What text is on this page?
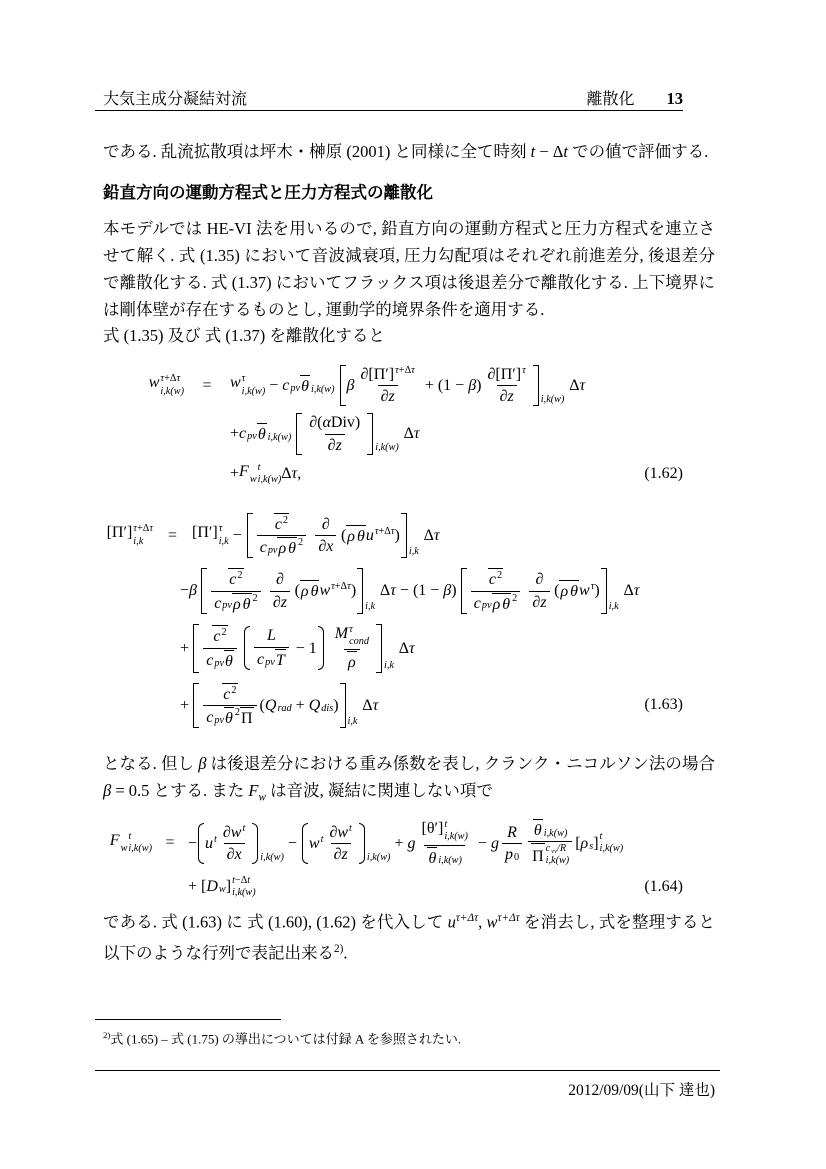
大気主成分凝結対流	離散化 13

である. 乱流拡散項は坪木・榊原 (2001) と同様に全て時刻 t − Δt での値で評価する.

鉛直方向の運動方程式と圧力方程式の離散化

本モデルでは HE-VI 法を用いるので, 鉛直方向の運動方程式と圧力方程式を連立させて解く. 式 (1.35) において音波減衰項, 圧力勾配項はそれぞれ前進差分, 後退差分で離散化する. 式 (1.37) においてフラックス項は後退差分で離散化する. 上下境界には剛体壁が存在するものとし, 運動学的境界条件を適用する.

式 (1.35) 及び 式 (1.37) を離散化すると

w τ +Δ τ
i,k(w)	=	w τ
i,k(w) − c pv θ i,k(w) β
∂ [Π′] τ +Δ τ
∂ z
+ (1 − β )
∂ [Π′] τ
∂ z	i,k(w)
Δ τ
+ c pv θ i,k(w)
∂ ( α Div)
∂ z	i,k(w)
Δ τ
+ F w
t
i,k(w) Δ τ ,	(1.62)
[Π′] τ +Δ τ
i,k	= [Π′] τ
i,k −
c 2
c pv ρ θ 2
∂
∂ x
( ρ θ u τ +Δ τ )
i,k
Δ τ
− β
c 2
c pv ρ θ 2
∂
∂ z
( ρ θ w τ +Δ τ )
i,k
Δ τ − (1 − β )
c 2
c pv ρ θ 2
∂
∂ z
( ρ θ w τ )
i,k
Δ τ
+
c 2
c pv θ
L
c pv T
− 1
M τ
cond
ρ	i,k
Δ τ
+
c 2
c pv θ 2 Π
( Q rad + Q dis )
i,k
Δ τ	(1.63)

となる. 但し β は後退差分における重み係数を表し, クランク・ニコルソン法の場合 β = 0.5 とする. また $F_w$ は音波, 凝結に関連しない項で

F w
t
i,k(w) = − u t ∂ w t
∂ x i,k(w)
− w t ∂ w t
∂ z i,k(w)
+ g
[θ′] t
i,k(w)
θ i,k(w)
− g
R
p 0
θ i,k(w)
Π c vv /R
i,k(w)
[ ρ s ] t
i,k(w)
+ [ D w ] t −Δ t
i,k(w)	(1.64)

である. 式 (1.63) に 式 (1.60), (1.62) を代入して $u^{\tau+\Delta\tau}$, $w^{\tau+\Delta\tau}$ を消去し, 式を整理すると以下のような行列で表記出来る$^{2)}$.

$^{2)}$式 (1.65) – 式 (1.75) の導出については付録 A を参照されたい.

2012/09/09(山下 達也)
